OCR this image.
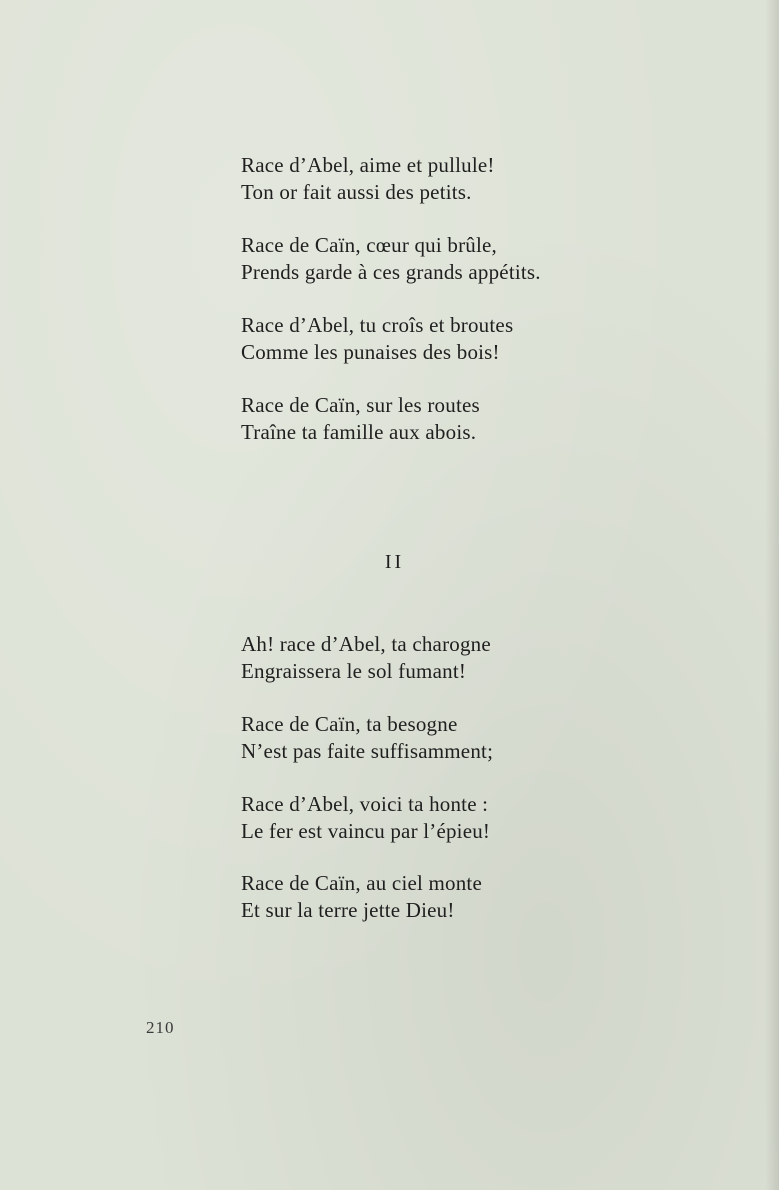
Race d’Abel, aime et pullule!
Ton or fait aussi des petits.

Race de Caïn, cœur qui brûle,
Prends garde à ces grands appétits.

Race d’Abel, tu croîs et broutes
Comme les punaises des bois!

Race de Caïn, sur les routes
Traîne ta famille aux abois.

II

Ah! race d’Abel, ta charogne
Engraissera le sol fumant!

Race de Caïn, ta besogne
N’est pas faite suffisamment;

Race d’Abel, voici ta honte :
Le fer est vaincu par l’épieu!

Race de Caïn, au ciel monte
Et sur la terre jette Dieu!

210
